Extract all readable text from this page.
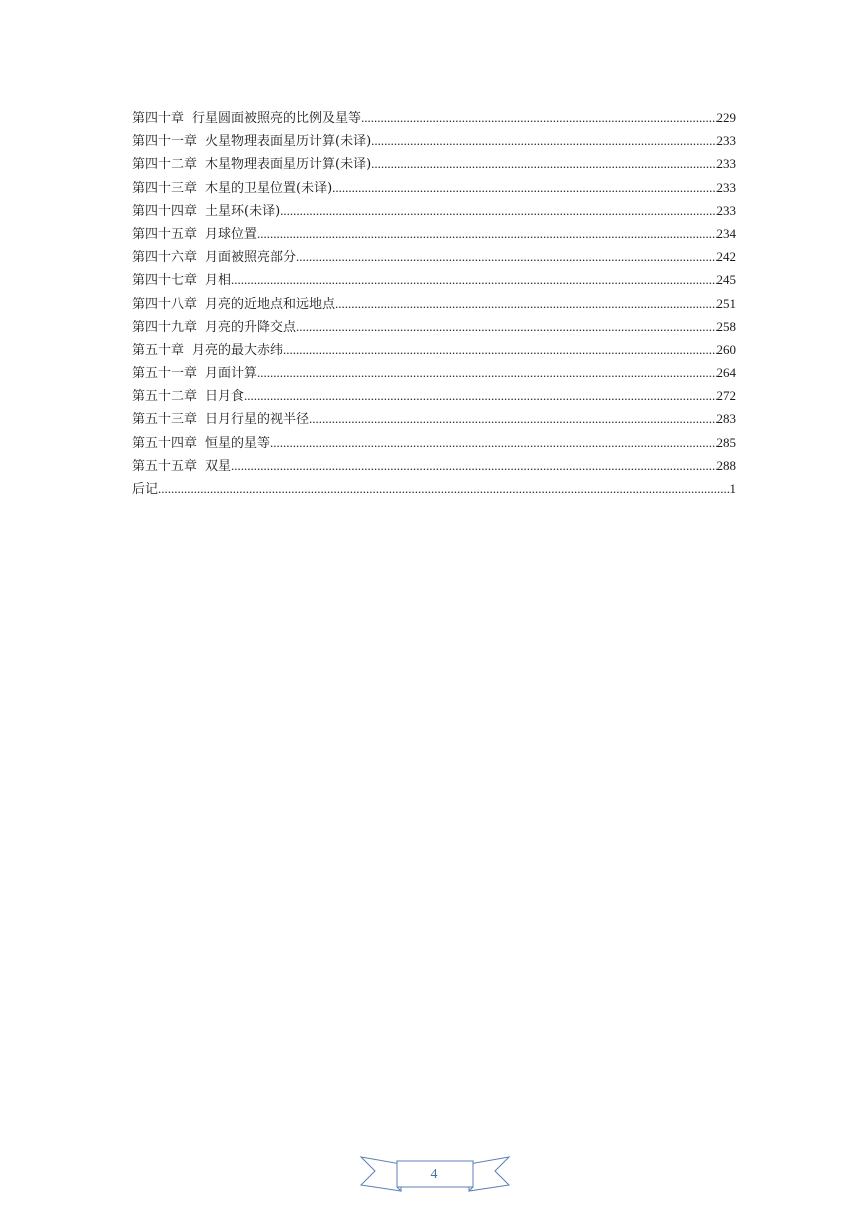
第四十章 行星圆面被照亮的比例及星等 .....	229
第四十一章 火星物理表面星历计算(未译) .....	233
第四十二章 木星物理表面星历计算(未译) .....	233
第四十三章 木星的卫星位置(未译) .....	233
第四十四章 土星环(未译) .....	233
第四十五章 月球位置 .....	234
第四十六章 月面被照亮部分 .....	242
第四十七章 月相 .....	245
第四十八章 月亮的近地点和远地点 .....	251
第四十九章 月亮的升降交点 .....	258
第五十章 月亮的最大赤纬 .....	260
第五十一章 月面计算 .....	264
第五十二章 日月食 .....	272
第五十三章 日月行星的视半径 .....	283
第五十四章 恒星的星等 .....	285
第五十五章 双星 .....	288
后记 .....	1
4
